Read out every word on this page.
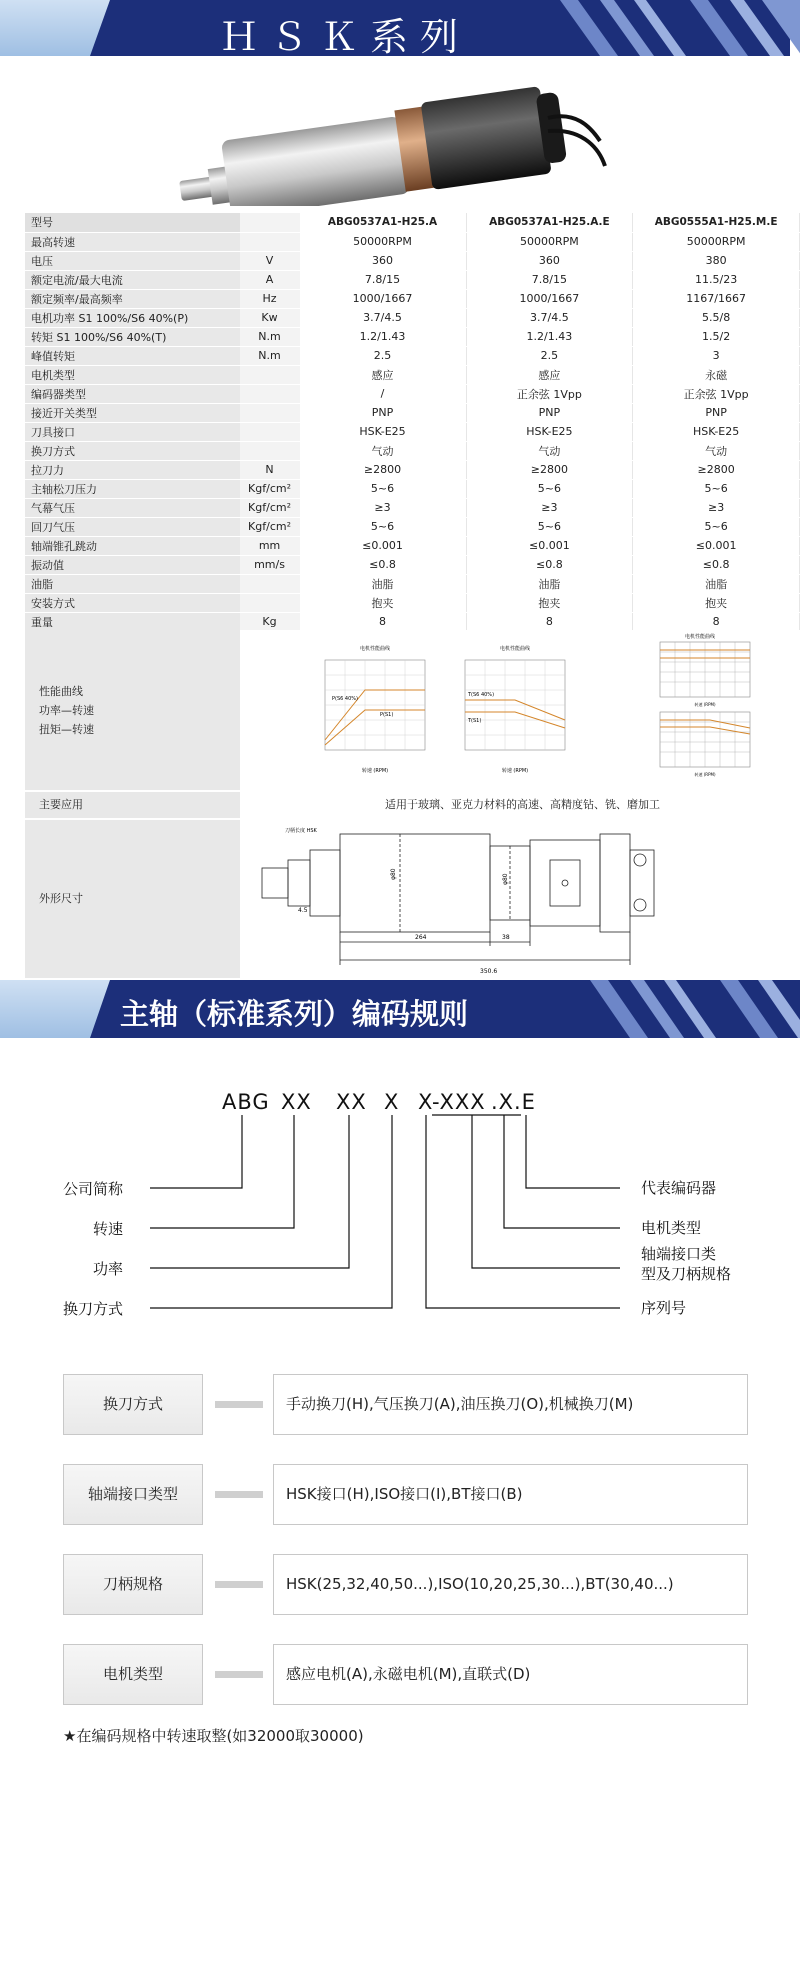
ＨＳＫ系列
型号		ABG0537A1-H25.A	ABG0537A1-H25.A.E	ABG0555A1-H25.M.E
最高转速		50000RPM	50000RPM	50000RPM
电压	V	360	360	380
额定电流/最大电流	A	7.8/15	7.8/15	11.5/23
额定频率/最高频率	Hz	1000/1667	1000/1667	1167/1667
电机功率 S1 100%/S6 40%(P)	Kw	3.7/4.5	3.7/4.5	5.5/8
转矩 S1 100%/S6 40%(T)	N.m	1.2/1.43	1.2/1.43	1.5/2
峰值转矩	N.m	2.5	2.5	3
电机类型		感应	感应	永磁
编码器类型		/	正余弦 1Vpp	正余弦 1Vpp
接近开关类型		PNP	PNP	PNP
刀具接口		HSK-E25	HSK-E25	HSK-E25
换刀方式		气动	气动	气动
拉刀力	N	≥2800	≥2800	≥2800
主轴松刀压力	Kgf/cm²	5~6	5~6	5~6
气幕气压	Kgf/cm²	≥3	≥3	≥3
回刀气压	Kgf/cm²	5~6	5~6	5~6
轴端锥孔跳动	mm	≤0.001	≤0.001	≤0.001
振动值	mm/s	≤0.8	≤0.8	≤0.8
油脂		油脂	油脂	油脂
安装方式		抱夹	抱夹	抱夹
重量	Kg	8	8	8
性能曲线
功率—转速
扭矩—转速
电机性能曲线
P(S6 40%)
P(S1)
转速 (RPM)
电机性能曲线
T(S6 40%)
T(S1)
转速 (RPM)
电机性能曲线
转速 (RPM)
转速 (RPM)
主要应用	适用于玻璃、亚克力材料的高速、高精度钻、铣、磨加工
外形尺寸
264	38
350.6
4.5
刀柄长度 HSK
φ80	φ80
主轴（标准系列）编码规则
ABG XX XX X X
-XXX .X .E
公司简称
转速
功率
换刀方式
代表编码器
电机类型
轴端接口类
型及刀柄规格
序列号
换刀方式	手动换刀(H),气压换刀(A),油压换刀(O),机械换刀(M)
轴端接口类型	HSK接口(H),ISO接口(I),BT接口(B)
刀柄规格	HSK(25,32,40,50...),ISO(10,20,25,30...),BT(30,40...)
电机类型	感应电机(A),永磁电机(M),直联式(D)
★在编码规格中转速取整(如32000取30000)
